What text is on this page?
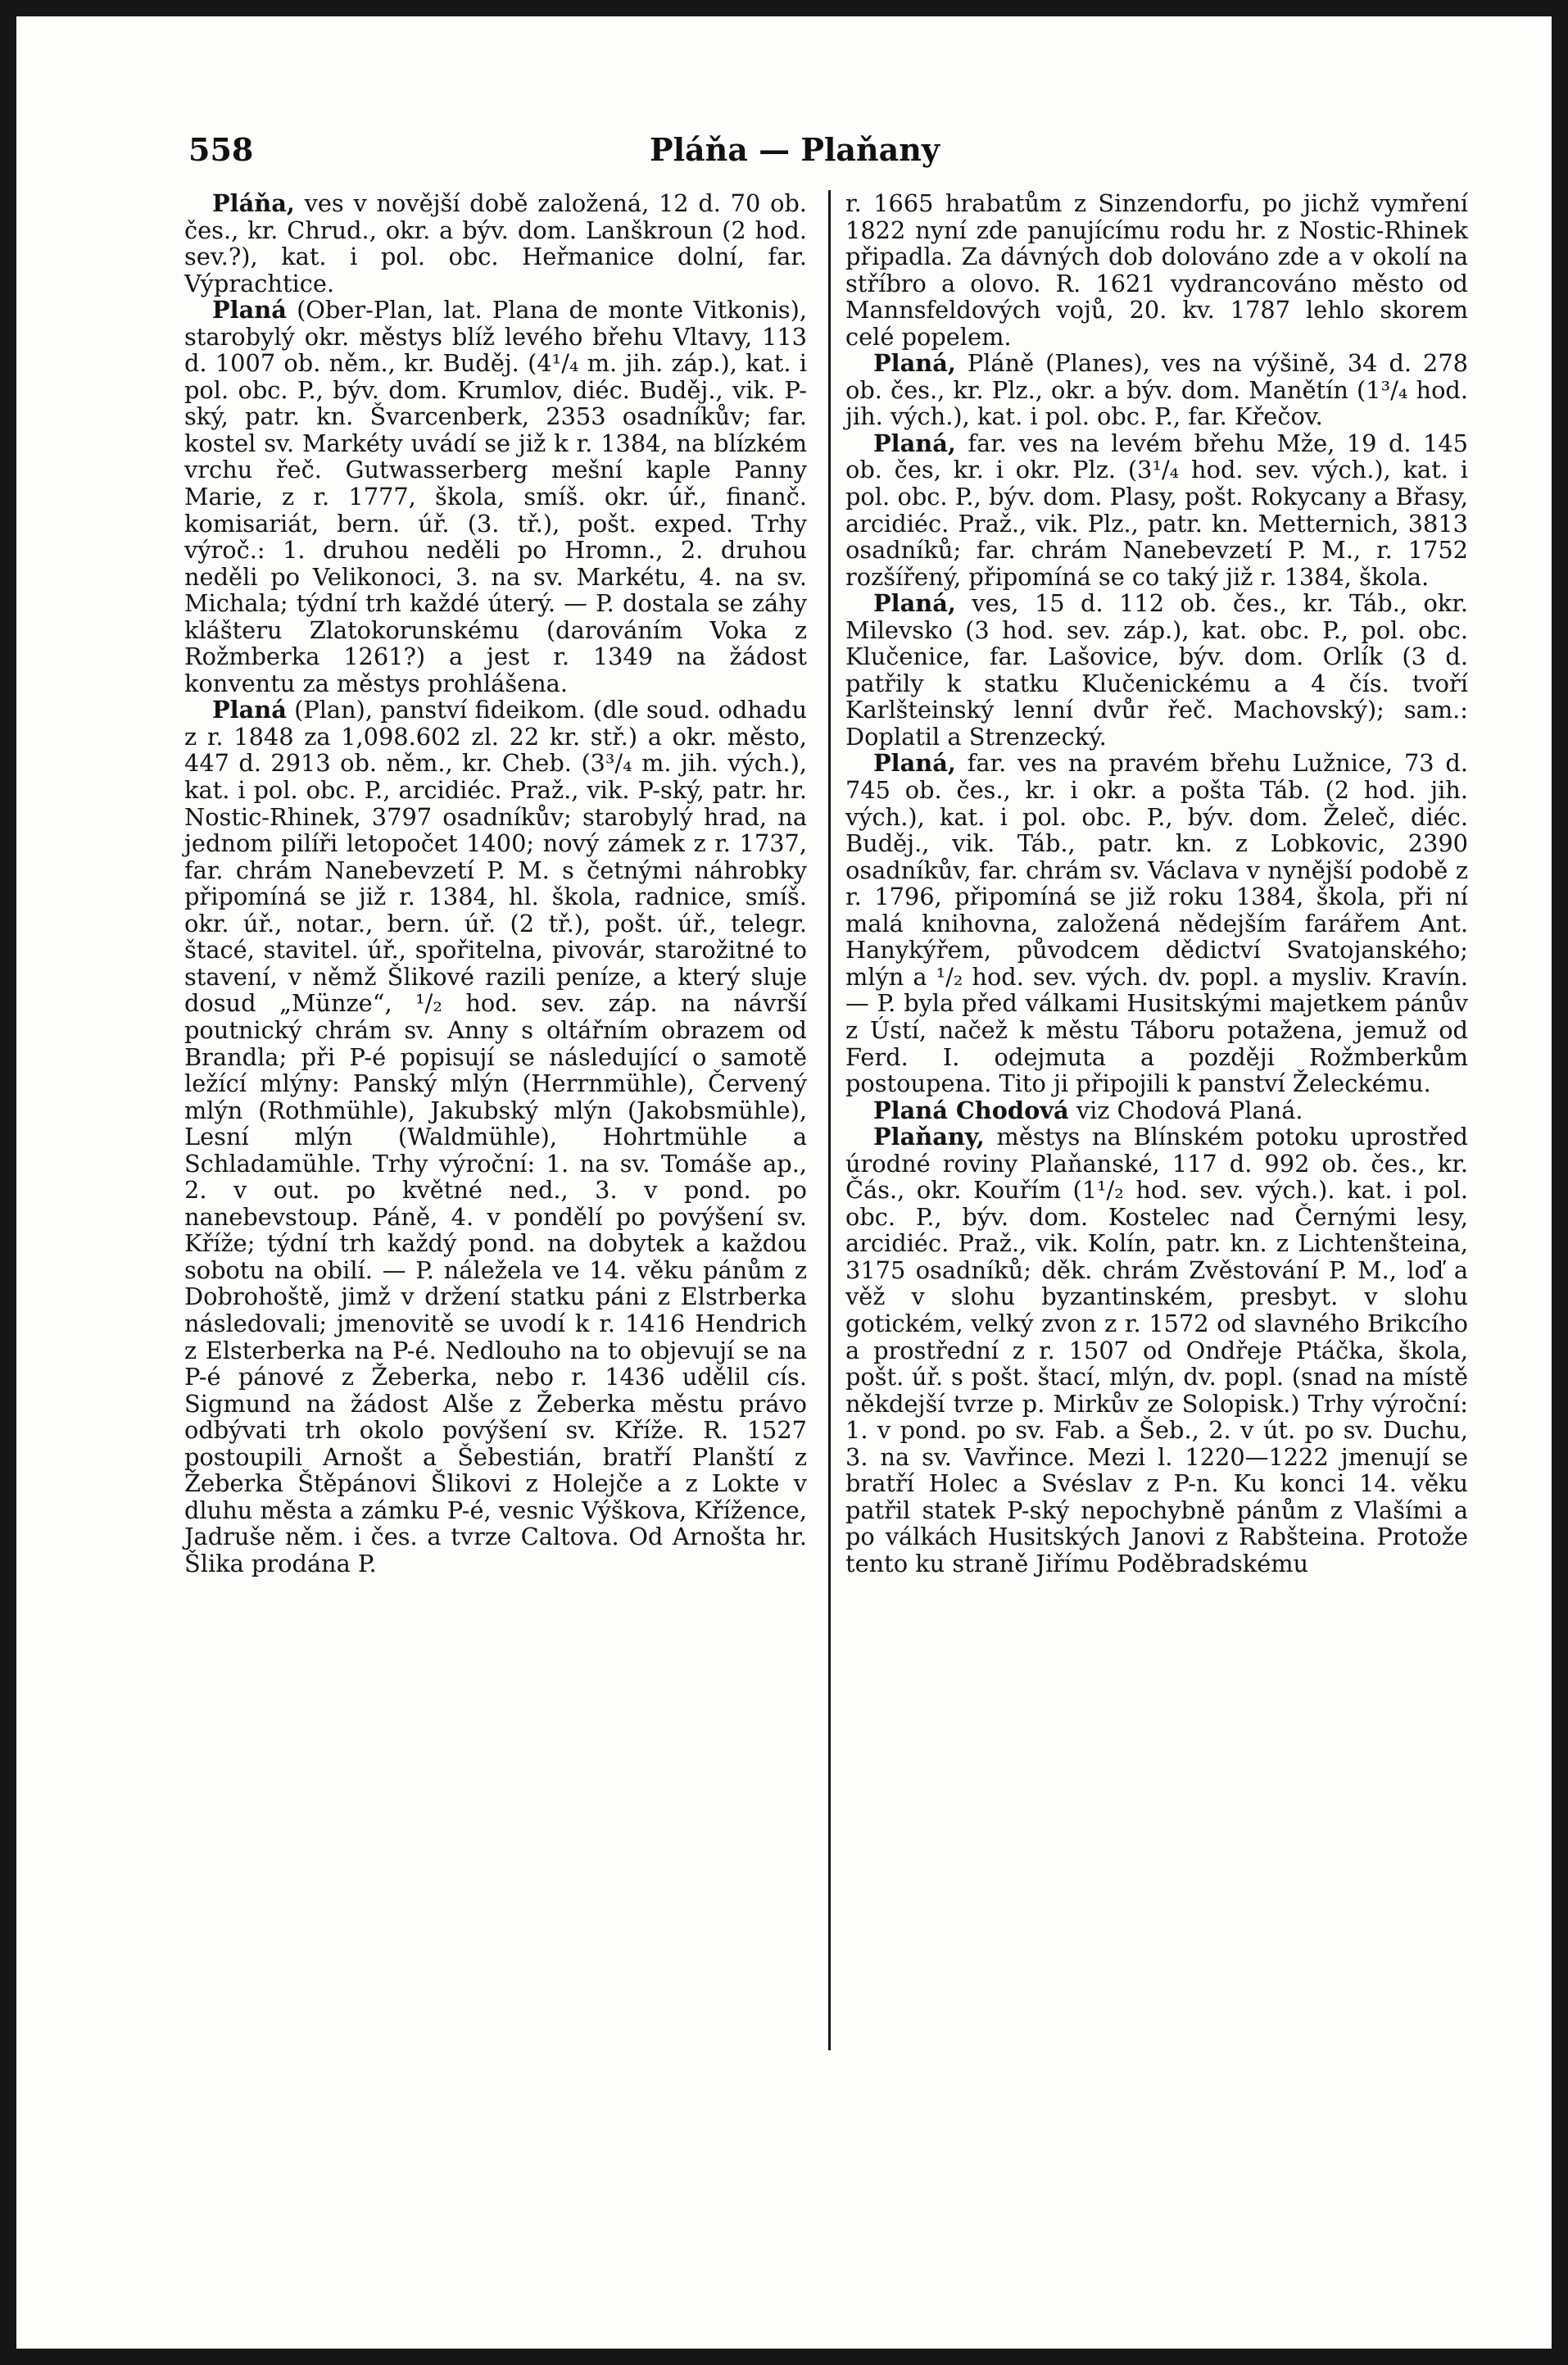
558	Pláňa — Plaňany

Pláňa, ves v novější době založená, 12 d. 70 ob. čes., kr. Chrud., okr. a býv. dom. Lanškroun (2 hod. sev.?), kat. i pol. obc. Heřmanice dolní, far. Výprachtice.

Planá (Ober-Plan, lat. Plana de monte Vitkonis), starobylý okr. městys blíž levého břehu Vltavy, 113 d. 1007 ob. něm., kr. Buděj. (4¹/₄ m. jih. záp.), kat. i pol. obc. P., býv. dom. Krumlov, diéc. Buděj., vik. P-ský, patr. kn. Švarcenberk, 2353 osadníkův; far. kostel sv. Markéty uvádí se již k r. 1384, na blízkém vrchu řeč. Gutwasserberg mešní kaple Panny Marie, z r. 1777, škola, smíš. okr. úř., finanč. komisariát, bern. úř. (3. tř.), pošt. exped. Trhy výroč.: 1. druhou neděli po Hromn., 2. druhou neděli po Velikonoci, 3. na sv. Markétu, 4. na sv. Michala; týdní trh každé úterý. — P. dostala se záhy klášteru Zlatokorunskému (darováním Voka z Rožmberka 1261?) a jest r. 1349 na žádost konventu za městys prohlášena.

Planá (Plan), panství fideikom. (dle soud. odhadu z r. 1848 za 1,098.602 zl. 22 kr. stř.) a okr. město, 447 d. 2913 ob. něm., kr. Cheb. (3³/₄ m. jih. vých.), kat. i pol. obc. P., arcidiéc. Praž., vik. P-ský, patr. hr. Nostic-Rhinek, 3797 osadníkův; starobylý hrad, na jednom pilíři letopočet 1400; nový zámek z r. 1737, far. chrám Nanebevzetí P. M. s četnými náhrobky připomíná se již r. 1384, hl. škola, radnice, smíš. okr. úř., notar., bern. úř. (2 tř.), pošt. úř., telegr. štacé, stavitel. úř., spořitelna, pivovár, starožitné to stavení, v němž Šlikové razili peníze, a který sluje dosud „Münze“, ¹/₂ hod. sev. záp. na návrší poutnický chrám sv. Anny s oltářním obrazem od Brandla; při P-é popisují se následující o samotě ležící mlýny: Panský mlýn (Herrnmühle), Červený mlýn (Rothmühle), Jakubský mlýn (Jakobsmühle), Lesní mlýn (Waldmühle), Hohrtmühle a Schladamühle. Trhy výroční: 1. na sv. Tomáše ap., 2. v out. po květné ned., 3. v pond. po nanebevstoup. Páně, 4. v pondělí po povýšení sv. Kříže; týdní trh každý pond. na dobytek a každou sobotu na obilí. — P. náležela ve 14. věku pánům z Dobrohoště, jimž v držení statku páni z Elstrberka následovali; jmenovitě se uvodí k r. 1416 Hendrich z Elsterberka na P-é. Nedlouho na to objevují se na P-é pánové z Žeberka, nebo r. 1436 udělil cís. Sigmund na žádost Alše z Žeberka městu právo odbývati trh okolo povýšení sv. Kříže. R. 1527 postoupili Arnošt a Šebestián, bratří Planští z Žeberka Štěpánovi Šlikovi z Holejče a z Lokte v dluhu města a zámku P-é, vesnic Výškova, Křížence, Jadruše něm. i čes. a tvrze Caltova. Od Arnošta hr. Šlika prodána P.

r. 1665 hrabatům z Sinzendorfu, po jichž vymření 1822 nyní zde panujícímu rodu hr. z Nostic-Rhinek připadla. Za dávných dob dolováno zde a v okolí na stříbro a olovo. R. 1621 vydrancováno město od Mannsfeldových vojů, 20. kv. 1787 lehlo skorem celé popelem.

Planá, Pláně (Planes), ves na výšině, 34 d. 278 ob. čes., kr. Plz., okr. a býv. dom. Manětín (1³/₄ hod. jih. vých.), kat. i pol. obc. P., far. Křečov.

Planá, far. ves na levém břehu Mže, 19 d. 145 ob. čes, kr. i okr. Plz. (3¹/₄ hod. sev. vých.), kat. i pol. obc. P., býv. dom. Plasy, pošt. Rokycany a Břasy, arcidiéc. Praž., vik. Plz., patr. kn. Metternich, 3813 osadníků; far. chrám Nanebevzetí P. M., r. 1752 rozšířený, připomíná se co taký již r. 1384, škola.

Planá, ves, 15 d. 112 ob. čes., kr. Táb., okr. Milevsko (3 hod. sev. záp.), kat. obc. P., pol. obc. Klučenice, far. Lašovice, býv. dom. Orlík (3 d. patřily k statku Klučenickému a 4 čís. tvoří Karlšteinský lenní dvůr řeč. Machovský); sam.: Doplatil a Strenzecký.

Planá, far. ves na pravém břehu Lužnice, 73 d. 745 ob. čes., kr. i okr. a pošta Táb. (2 hod. jih. vých.), kat. i pol. obc. P., býv. dom. Želeč, diéc. Buděj., vik. Táb., patr. kn. z Lobkovic, 2390 osadníkův, far. chrám sv. Václava v nynější podobě z r. 1796, připomíná se již roku 1384, škola, při ní malá knihovna, založená nědejším farářem Ant. Hanykýřem, původcem dědictví Svatojanského; mlýn a ¹/₂ hod. sev. vých. dv. popl. a mysliv. Kravín. — P. byla před válkami Husitskými majetkem pánův z Ústí, načež k městu Táboru potažena, jemuž od Ferd. I. odejmuta a později Rožmberkům postoupena. Tito ji připojili k panství Želeckému.

Planá Chodová viz Chodová Planá.

Plaňany, městys na Blínském potoku uprostřed úrodné roviny Plaňanské, 117 d. 992 ob. čes., kr. Čás., okr. Kouřím (1¹/₂ hod. sev. vých.). kat. i pol. obc. P., býv. dom. Kostelec nad Černými lesy, arcidiéc. Praž., vik. Kolín, patr. kn. z Lichtenšteina, 3175 osadníků; děk. chrám Zvěstování P. M., loď a věž v slohu byzantinském, presbyt. v slohu gotickém, velký zvon z r. 1572 od slavného Brikcího a prostřední z r. 1507 od Ondřeje Ptáčka, škola, pošt. úř. s pošt. štací, mlýn, dv. popl. (snad na místě někdejší tvrze p. Mirkův ze Solopisk.) Trhy výroční: 1. v pond. po sv. Fab. a Šeb., 2. v út. po sv. Duchu, 3. na sv. Vavřince. Mezi l. 1220—1222 jmenují se bratří Holec a Svéslav z P-n. Ku konci 14. věku patřil statek P-ský nepochybně pánům z Vlašími a po válkách Husitských Janovi z Rabšteina. Protože tento ku straně Jiřímu Poděbradskému
